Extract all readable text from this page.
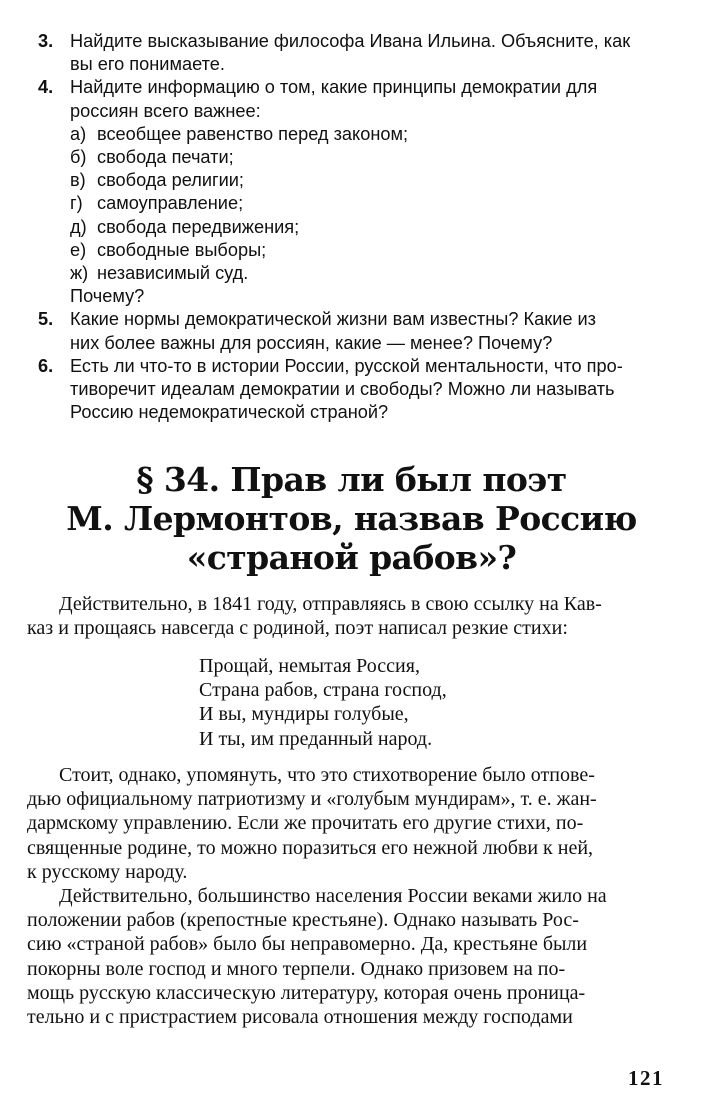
3. Найдите высказывание философа Ивана Ильина. Объясните, как
вы его понимаете.
4. Найдите информацию о том, какие принципы демократии для
россиян всего важнее:
а) всеобщее равенство перед законом;
б) свобода печати;
в) свобода религии;
г) самоуправление;
д) свобода передвижения;
е) свободные выборы;
ж) независимый суд.
Почему?
5. Какие нормы демократической жизни вам известны? Какие из
них более важны для россиян, какие — менее? Почему?
6. Есть ли что-то в истории России, русской ментальности, что про-
тиворечит идеалам демократии и свободы? Можно ли называть
Россию недемократической страной?
§ 34. Прав ли был поэт
М. Лермонтов, назвав Россию
«страной рабов»?
Действительно, в 1841 году, отправляясь в свою ссылку на Кав-
каз и прощаясь навсегда с родиной, поэт написал резкие стихи:
Прощай, немытая Россия,
Страна рабов, страна господ,
И вы, мундиры голубые,
И ты, им преданный народ.
Стоит, однако, упомянуть, что это стихотворение было отпове-
дью официальному патриотизму и «голубым мундирам», т. е. жан-
дармскому управлению. Если же прочитать его другие стихи, по-
священные родине, то можно поразиться его нежной любви к ней,
к русскому народу.
Действительно, большинство населения России веками жило на
положении рабов (крепостные крестьяне). Однако называть Рос-
сию «страной рабов» было бы неправомерно. Да, крестьяне были
покорны воле господ и много терпели. Однако призовем на по-
мощь русскую классическую литературу, которая очень проница-
тельно и с пристрастием рисовала отношения между господами
121
